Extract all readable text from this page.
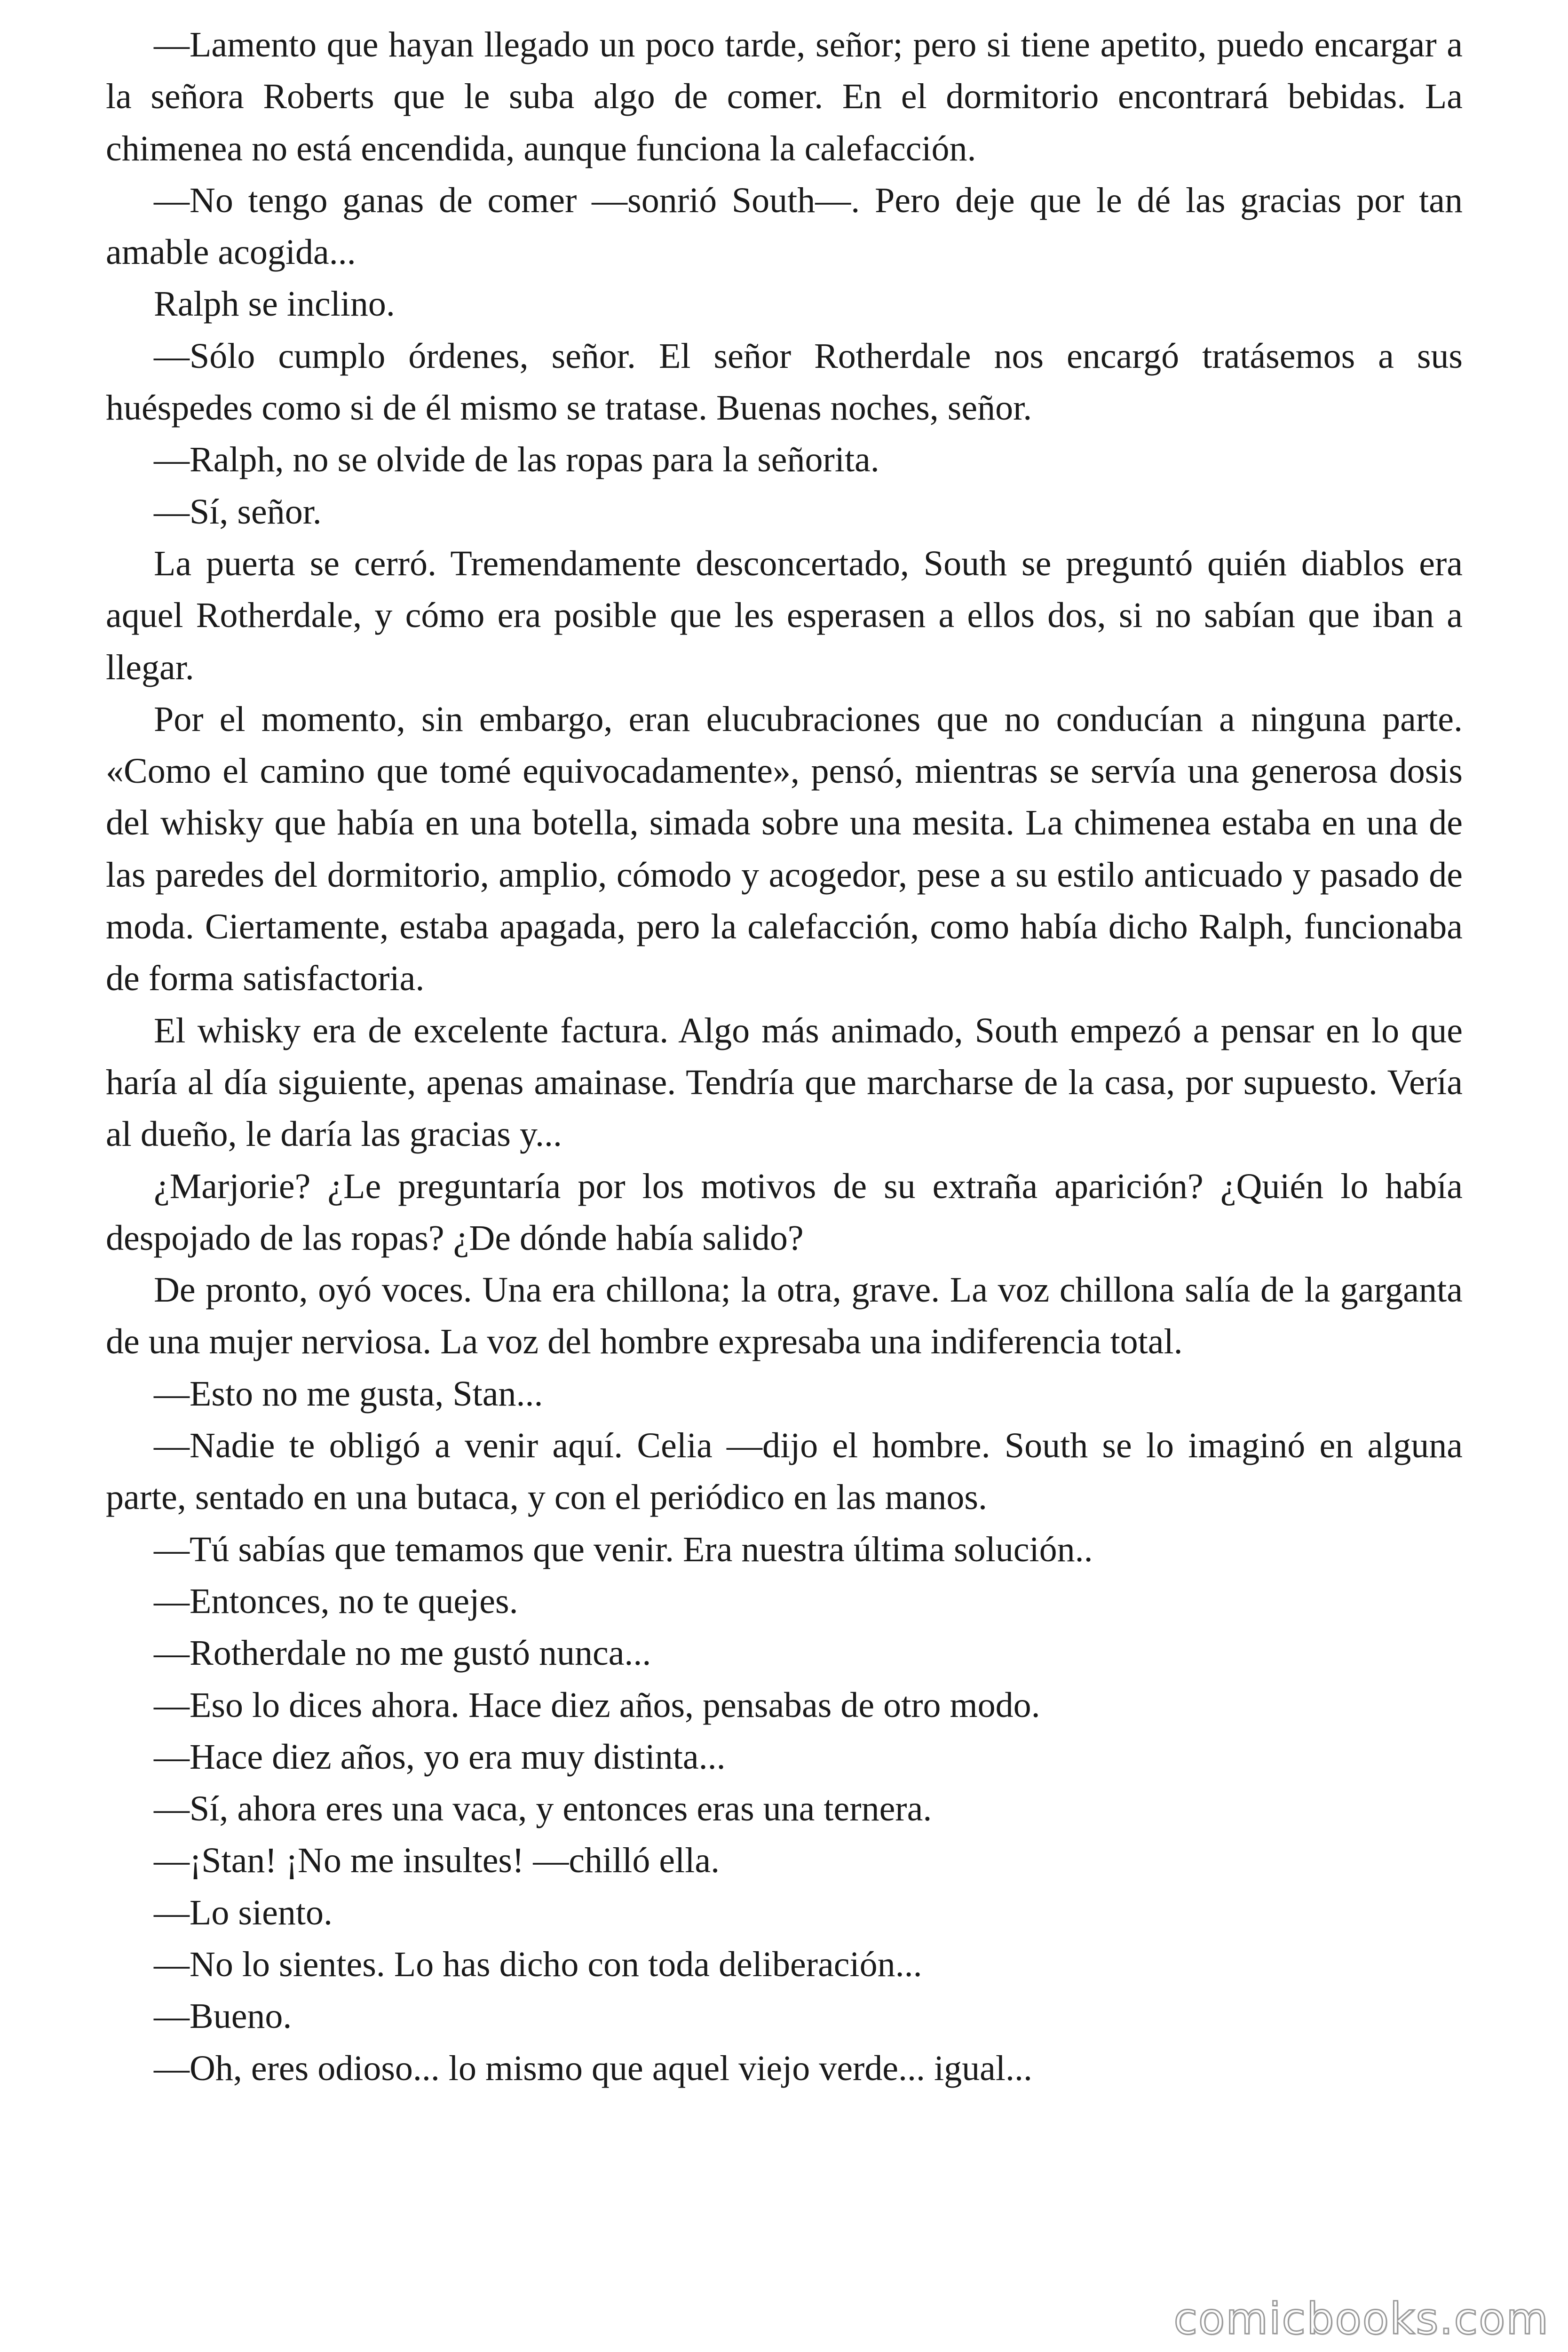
—Lamento que hayan llegado un poco tarde, señor; pero si tiene apetito, puedo encargar a la señora Roberts que le suba algo de comer. En el dormitorio encontrará bebidas. La chimenea no está encendida, aunque funciona la calefacción.

—No tengo ganas de comer —sonrió South—. Pero deje que le dé las gracias por tan amable acogida...

Ralph se inclino.

—Sólo cumplo órdenes, señor. El señor Rotherdale nos encargó tratásemos a sus huéspedes como si de él mismo se tratase. Buenas noches, señor.

—Ralph, no se olvide de las ropas para la señorita.

—Sí, señor.

La puerta se cerró. Tremendamente desconcertado, South se preguntó quién diablos era aquel Rotherdale, y cómo era posible que les esperasen a ellos dos, si no sabían que iban a llegar.

Por el momento, sin embargo, eran elucubraciones que no conducían a ninguna parte. «Como el camino que tomé equivocadamente», pensó, mientras se servía una generosa dosis del whisky que había en una botella, simada sobre una mesita. La chimenea estaba en una de las paredes del dormitorio, amplio, cómodo y acogedor, pese a su estilo anticuado y pasado de moda. Ciertamente, estaba apagada, pero la calefacción, como había dicho Ralph, funcionaba de forma satisfactoria.

El whisky era de excelente factura. Algo más animado, South empezó a pensar en lo que haría al día siguiente, apenas amainase. Tendría que marcharse de la casa, por supuesto. Vería al dueño, le daría las gracias y...

¿Marjorie? ¿Le preguntaría por los motivos de su extraña aparición? ¿Quién lo había despojado de las ropas? ¿De dónde había salido?

De pronto, oyó voces. Una era chillona; la otra, grave. La voz chillona salía de la garganta de una mujer nerviosa. La voz del hombre expresaba una indiferencia total.

—Esto no me gusta, Stan...

—Nadie te obligó a venir aquí. Celia —dijo el hombre. South se lo imaginó en alguna parte, sentado en una butaca, y con el periódico en las manos.

—Tú sabías que temamos que venir. Era nuestra última solución..

—Entonces, no te quejes.

—Rotherdale no me gustó nunca...

—Eso lo dices ahora. Hace diez años, pensabas de otro modo.

—Hace diez años, yo era muy distinta...

—Sí, ahora eres una vaca, y entonces eras una ternera.

—¡Stan! ¡No me insultes! —chilló ella.

—Lo siento.

—No lo sientes. Lo has dicho con toda deliberación...

—Bueno.

—Oh, eres odioso... lo mismo que aquel viejo verde... igual...

comicbooks.com
